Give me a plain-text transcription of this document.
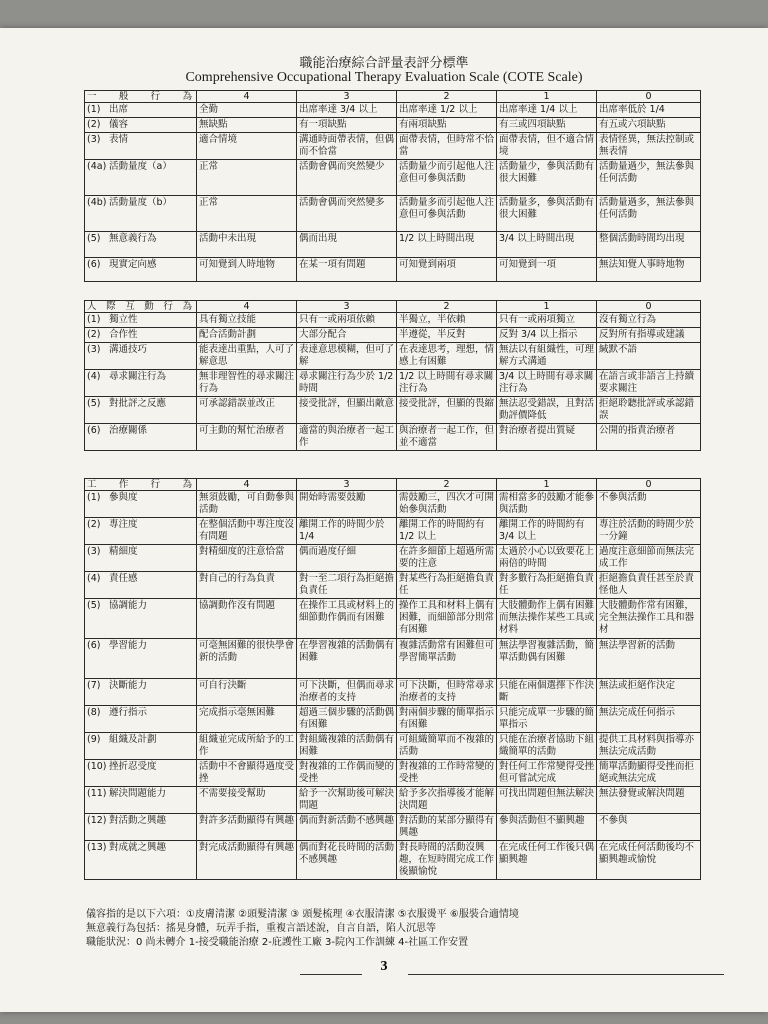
職能治療綜合評量表評分標準
Comprehensive Occupational Therapy Evaluation Scale (COTE Scale)
一般行為	4	3	2	1	0
(1) 出席	全勤	出席率達 3/4 以上	出席率達 1/2 以上	出席率達 1/4 以上	出席率低於 1/4
(2) 儀容	無缺點	有一項缺點	有兩項缺點	有三或四項缺點	有五或六項缺點
(3) 表情	適合情境	溝通時面帶表情，但偶而不恰當	面帶表情，但時常不恰當	面帶表情，但不適合情境	表情怪異，無法控制或無表情
(4a) 活動量度（a）	正常	活動會偶而突然變少	活動量少而引起他人注意但可參與活動	活動量少，參與活動有很大困難	活動量過少，無法參與任何活動
(4b) 活動量度（b）	正常	活動會偶而突然變多	活動量多而引起他人注意但可參與活動	活動量多，參與活動有很大困難	活動量過多，無法參與任何活動
(5) 無意義行為	活動中未出現	偶而出現	1/2 以上時間出現	3/4 以上時間出現	整個活動時間均出現
(6) 現實定向感	可知覺到人時地物	在某一項有問題	可知覺到兩項	可知覺到一項	無法知覺人事時地物
人際互動行為	4	3	2	1	0
(1) 獨立性	具有獨立技能	只有一或兩項依賴	半獨立，半依賴	只有一或兩項獨立	沒有獨立行為
(2) 合作性	配合活動計劃	大部分配合	半遵從，半反對	反對 3/4 以上指示	反對所有指導或建議
(3) 溝通技巧	能表達出重點，人可了解意思	表達意思模糊，但可了解	在表達思考，理想，情感上有困難	無法以有組織性，可理解方式溝通	緘默不語
(4) 尋求關注行為	無非理智性的尋求關注行為	尋求關注行為少於 1/2 時間	1/2 以上時間有尋求關注行為	3/4 以上時間有尋求關注行為	在語言或非語言上持續要求關注
(5) 對批評之反應	可承認錯誤並改正	接受批評，但顯出敵意	接受批評，但顯的畏縮	無法忍受錯誤，且對活動評價降低	拒絕聆聽批評或承認錯誤
(6) 治療關係	可主動的幫忙治療者	適當的與治療者一起工作	與治療者一起工作，但並不適當	對治療者提出質疑	公開的指責治療者
工作行為	4	3	2	1	0
(1) 參與度	無須鼓勵，可自動參與活動	開始時需要鼓勵	需鼓勵三，四次才可開始參與活動	需相當多的鼓勵才能參與活動	不參與活動
(2) 專注度	在整個活動中專注度沒有問題	離開工作的時間少於 1/4	離開工作的時間約有 1/2 以上	離開工作的時間約有 3/4 以上	專注於活動的時間少於一分鐘
(3) 精細度	對精細度的注意恰當	偶而過度仔細	在許多細節上超過所需要的注意	太過於小心以致要花上兩倍的時間	過度注意細節而無法完成工作
(4) 責任感	對自己的行為負責	對一至二項行為拒絕擔負責任	對某些行為拒絕擔負責任	對多數行為拒絕擔負責任	拒絕擔負責任甚至於責怪他人
(5) 協調能力	協調動作沒有問題	在操作工具或材料上的細節動作偶而有困難	操作工具和材料上偶有困難，而細節部分則常有困難	大肢體動作上偶有困難而無法操作某些工具或材料	大肢體動作常有困難，完全無法操作工具和器材
(6) 學習能力	可毫無困難的很快學會新的活動	在學習複雜的活動偶有困難	複雜活動常有困難但可學習簡單活動	無法學習複雜活動，簡單活動偶有困難	無法學習新的活動
(7) 決斷能力	可自行決斷	可下決斷，但偶而尋求治療者的支持	可下決斷，但時常尋求治療者的支持	只能在兩個選擇下作決斷	無法或拒絕作決定
(8) 遵行指示	完成指示毫無困難	超過三個步驟的活動偶有困難	對兩個步驟的簡單指示有困難	只能完成單一步驟的簡單指示	無法完成任何指示
(9) 組織及計劃	組織並完成所給予的工作	對組織複雜的活動偶有困難	可組織簡單而不複雜的活動	只能在治療者協助下組織簡單的活動	提供工具材料與指導亦無法完成活動
(10) 挫折忍受度	活動中不會顯得過度受挫	對複雜的工作偶而變的受挫	對複雜的工作時常變的受挫	對任何工作常變得受挫但可嘗試完成	簡單活動顯得受挫而拒絕或無法完成
(11) 解決問題能力	不需要接受幫助	給予一次幫助後可解決問題	給予多次指導後才能解決問題	可找出問題但無法解決	無法發覺或解決問題
(12) 對活動之興趣	對許多活動顯得有興趣	偶而對新活動不感興趣	對活動的某部分顯得有興趣	參與活動但不顯興趣	不參與
(13) 對成就之興趣	對完成活動顯得有興趣	偶而對花長時間的活動不感興趣	對長時間的活動沒興趣，在短時間完成工作後顯愉悅	在完成任何工作後只偶顯興趣	在完成任何活動後均不顯興趣或愉悅
儀容指的是以下六項：①皮膚清潔 ②頭髮清潔 ③ 頭髮梳理 ④衣服清潔 ⑤衣服燙平 ⑥服裝合適情境
無意義行為包括：搖晃身體，玩弄手指，重複言語述說，自言自語，陷人沉思等
職能狀況：0 尚未轉介 1-接受職能治療 2-庇護性工廠 3-院內工作訓練 4-社區工作安置
3
